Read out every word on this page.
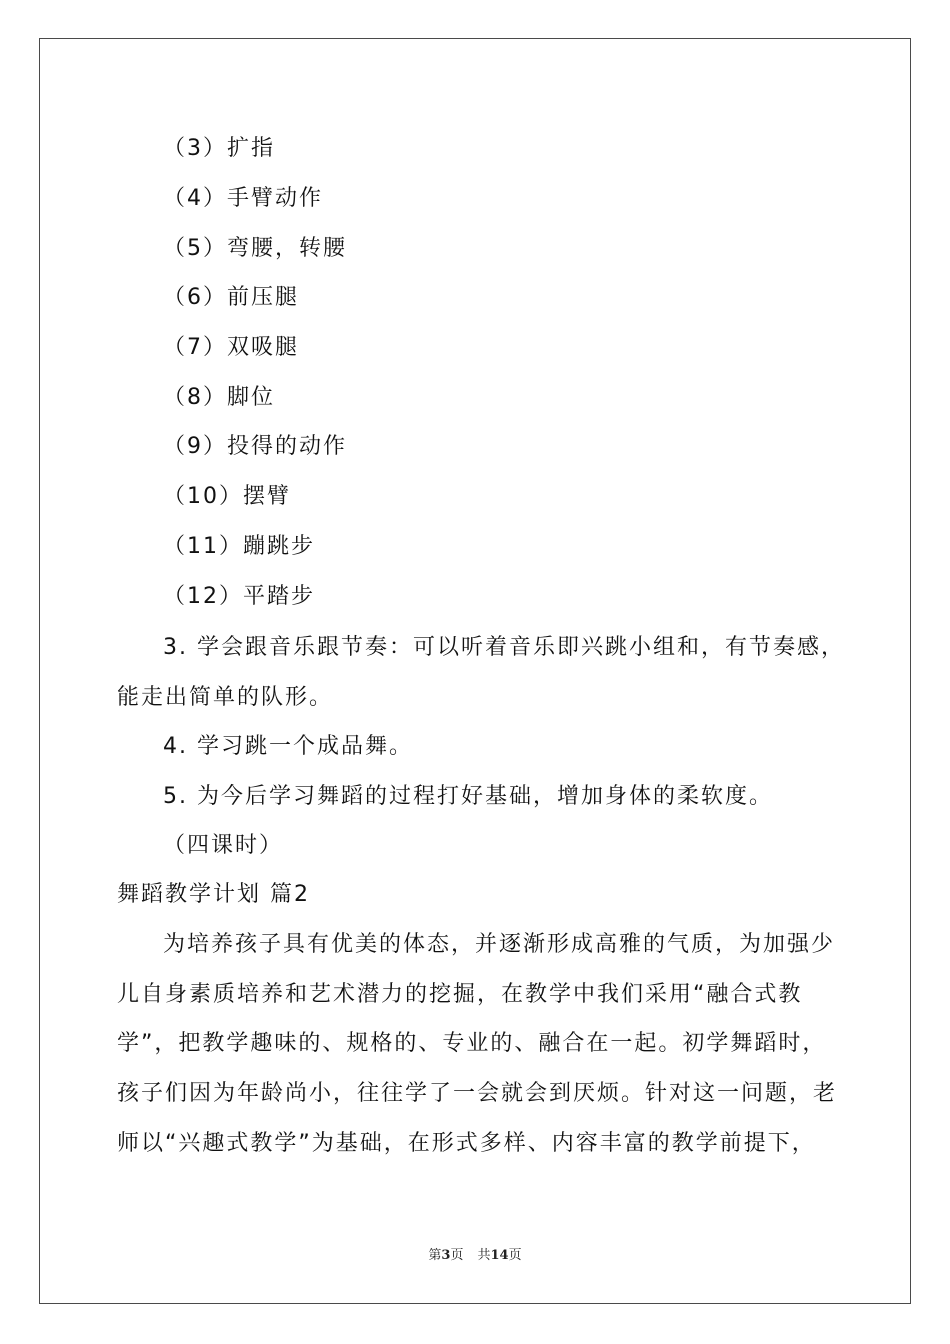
（3）扩指
（4）手臂动作
（5）弯腰，转腰
（6）前压腿
（7）双吸腿
（8）脚位
（9）投得的动作
（10）摆臂
（11）蹦跳步
（12）平踏步
3. 学会跟音乐跟节奏：可以听着音乐即兴跳小组和，有节奏感，
能走出简单的队形。
4. 学习跳一个成品舞。
5. 为今后学习舞蹈的过程打好基础，增加身体的柔软度。
（四课时）
舞蹈教学计划 篇2
为培养孩子具有优美的体态，并逐渐形成高雅的气质，为加强少
儿自身素质培养和艺术潜力的挖掘，在教学中我们采用“融合式教
学”，把教学趣味的、规格的、专业的、融合在一起。初学舞蹈时，
孩子们因为年龄尚小，往往学了一会就会到厌烦。针对这一问题，老
师以“兴趣式教学”为基础，在形式多样、内容丰富的教学前提下，
第3页 共14页
